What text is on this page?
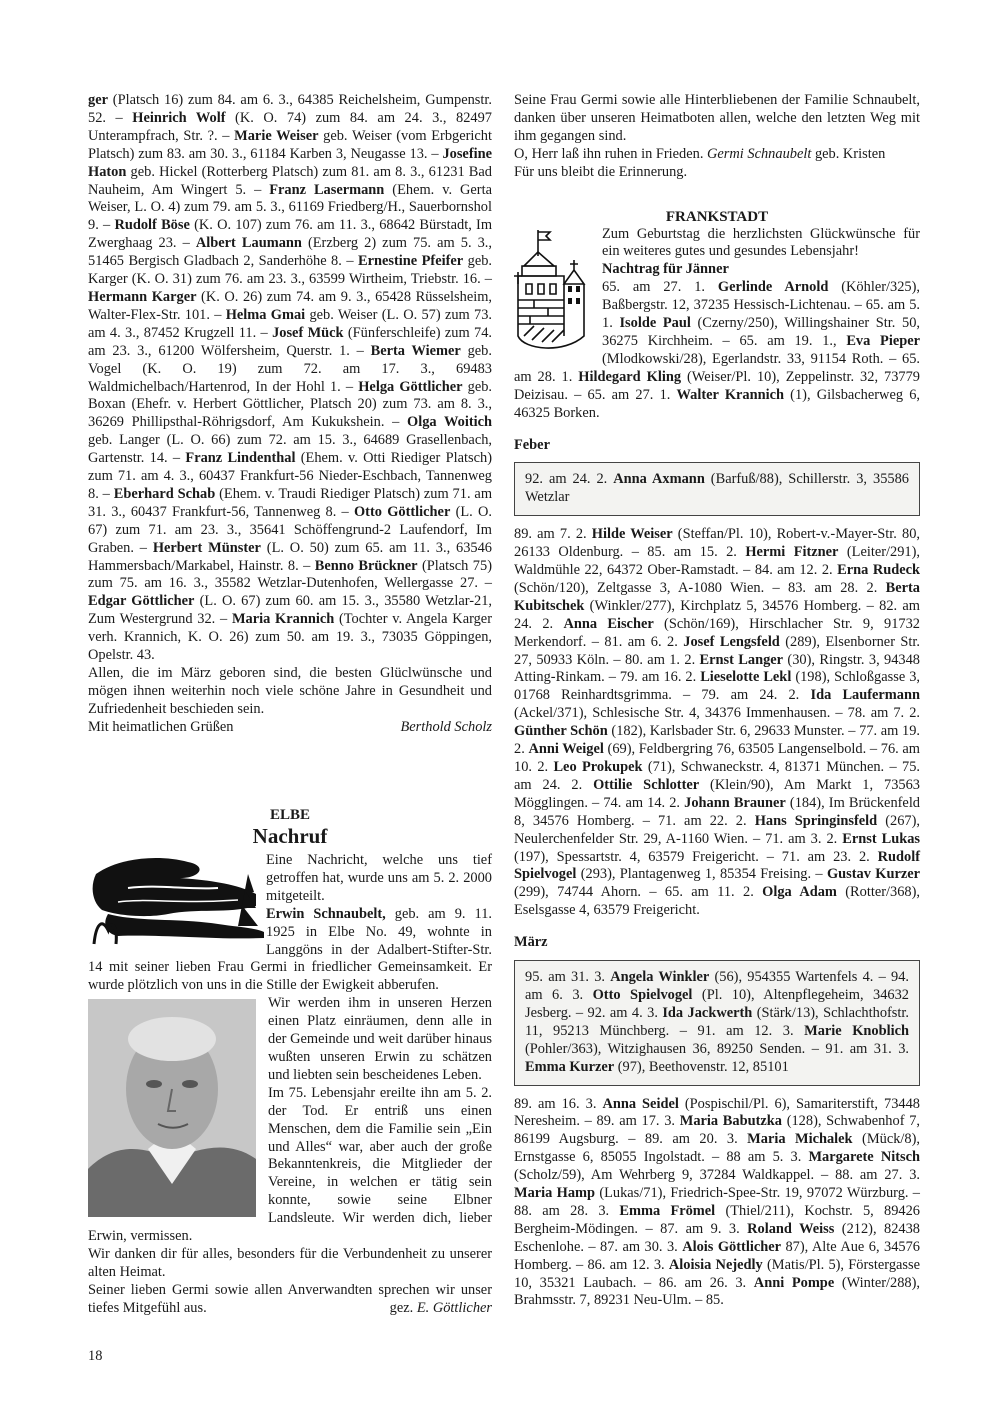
ger (Platsch 16) zum 84. am 6. 3., 64385 Reichelsheim, Gumpenstr. 52. – Heinrich Wolf (K. O. 74) zum 84. am 24. 3., 82497 Unterampfrach, Str. ?. – Marie Weiser geb. Weiser (vom Erbgericht Platsch) zum 83. am 30. 3., 61184 Karben 3, Neugasse 13. – Josefine Haton geb. Hickel (Rotterberg Platsch) zum 81. am 8. 3., 61231 Bad Nauheim, Am Wingert 5. – Franz Lasermann (Ehem. v. Gerta Weiser, L. O. 4) zum 79. am 5. 3., 61169 Friedberg/H., Sauerbornshol 9. – Rudolf Böse (K. O. 107) zum 76. am 11. 3., 68642 Bürstadt, Im Zwerghaag 23. – Albert Laumann (Erzberg 2) zum 75. am 5. 3., 51465 Bergisch Gladbach 2, Sanderhöhe 8. – Ernestine Pfeifer geb. Karger (K. O. 31) zum 76. am 23. 3., 63599 Wirtheim, Triebstr. 16. – Hermann Karger (K. O. 26) zum 74. am 9. 3., 65428 Rüsselsheim, Walter-Flex-Str. 101. – Helma Gmai geb. Weiser (L. O. 57) zum 73. am 4. 3., 87452 Krugzell 11. – Josef Mück (Fünferschleife) zum 74. am 23. 3., 61200 Wölfersheim, Querstr. 1. – Berta Wiemer geb. Vogel (K. O. 19) zum 72. am 17. 3., 69483 Waldmichelbach/Hartenrod, In der Hohl 1. – Helga Göttlicher geb. Boxan (Ehefr. v. Herbert Göttlicher, Platsch 20) zum 73. am 8. 3., 36269 Phillipsthal-Röhrigsdorf, Am Kukukshein. – Olga Woitich geb. Langer (L. O. 66) zum 72. am 15. 3., 64689 Grasellenbach, Gartenstr. 14. – Franz Lindenthal (Ehem. v. Otti Riediger Platsch) zum 71. am 4. 3., 60437 Frankfurt-56 Nieder-Eschbach, Tannenweg 8. – Eberhard Schab (Ehem. v. Traudi Riediger Platsch) zum 71. am 31. 3., 60437 Frankfurt-56, Tannenweg 8. – Otto Göttlicher (L. O. 67) zum 71. am 23. 3., 35641 Schöffengrund-2 Laufendorf, Im Graben. – Herbert Münster (L. O. 50) zum 65. am 11. 3., 63546 Hammersbach/Markabel, Hainstr. 8. – Benno Brückner (Platsch 75) zum 75. am 16. 3., 35582 Wetzlar-Dutenhofen, Wellergasse 27. – Edgar Göttlicher (L. O. 67) zum 60. am 15. 3., 35580 Wetzlar-21, Zum Westergrund 32. – Maria Krannich (Tochter v. Angela Karger verh. Krannich, K. O. 26) zum 50. am 19. 3., 73035 Göppingen, Opelstr. 43.

Allen, die im März geboren sind, die besten Glüclwünsche und mögen ihnen weiterhin noch viele schöne Jahre in Gesundheit und Zufriedenheit beschieden sein.

Mit heimatlichen Grüßen	Berthold Scholz
ELBE
Nachruf

Eine Nachricht, welche uns tief getroffen hat, wurde uns am 5. 2. 2000 mitgeteilt.

Erwin Schnaubelt, geb. am 9. 11. 1925 in Elbe No. 49, wohnte in Langgöns in der Adalbert-Stifter-Str. 14 mit seiner lieben Frau Germi in friedlicher Gemeinsamkeit. Er wurde plötzlich von uns in die Stille der Ewigkeit abberufen.

Wir werden ihm in unseren Herzen einen Platz einräumen, denn alle in der Gemeinde und weit darüber hinaus wußten unseren Erwin zu schätzen und liebten sein bescheidenes Leben.

Im 75. Lebensjahr ereilte ihn am 5. 2. der Tod. Er entriß uns einen Menschen, dem die Familie sein „Ein und Alles“ war, aber auch der große Bekanntenkreis, die Mitglieder der Vereine, in welchen er tätig sein konnte, sowie seine Elbner Landsleute. Wir werden dich, lieber Erwin, vermissen.

Wir danken dir für alles, besonders für die Verbundenheit zu unserer alten Heimat.

Seiner lieben Germi sowie allen Anverwandten sprechen wir unser tiefes Mitgefühl aus.	gez. E. Göttlicher

Seine Frau Germi sowie alle Hinterbliebenen der Familie Schnaubelt, danken über unseren Heimatboten allen, welche den letzten Weg mit ihm gegangen sind.

O, Herr laß ihn ruhen in Frieden. Germi Schnaubelt geb. Kristen

Für uns bleibt die Erinnerung.

FRANKSTADT

Zum Geburtstag die herzlichsten Glückwünsche für ein weiteres gutes und gesundes Lebensjahr!

Nachtrag für Jänner

65. am 27. 1. Gerlinde Arnold (Köhler/325), Baßbergstr. 12, 37235 Hessisch-Lichtenau. – 65. am 5. 1. Isolde Paul (Czerny/250), Willingshainer Str. 50, 36275 Kirchheim. – 65. am 19. 1., Eva Pieper (Mlodkowski/28), Egerlandstr. 33, 91154 Roth. – 65. am 28. 1. Hildegard Kling (Weiser/Pl. 10), Zeppelinstr. 32, 73779 Deizisau. – 65. am 27. 1. Walter Krannich (1), Gilsbacherweg 6, 46325 Borken.

Feber

92. am 24. 2. Anna Axmann (Barfuß/88), Schillerstr. 3, 35586 Wetzlar

89. am 7. 2. Hilde Weiser (Steffan/Pl. 10), Robert-v.-Mayer-Str. 80, 26133 Oldenburg. – 85. am 15. 2. Hermi Fitzner (Leiter/291), Waldmühle 22, 64372 Ober-Ramstadt. – 84. am 12. 2. Erna Rudeck (Schön/120), Zeltgasse 3, A-1080 Wien. – 83. am 28. 2. Berta Kubitschek (Winkler/277), Kirchplatz 5, 34576 Homberg. – 82. am 24. 2. Anna Eischer (Schön/169), Hirschlacher Str. 9, 91732 Merkendorf. – 81. am 6. 2. Josef Lengsfeld (289), Elsenborner Str. 27, 50933 Köln. – 80. am 1. 2. Ernst Langer (30), Ringstr. 3, 94348 Atting-Rinkam. – 79. am 16. 2. Lieselotte Lekl (198), Schloßgasse 3, 01768 Reinhardtsgrimma. – 79. am 24. 2. Ida Laufermann (Ackel/371), Schlesische Str. 4, 34376 Immenhausen. – 78. am 7. 2. Günther Schön (182), Karlsbader Str. 6, 29633 Munster. – 77. am 19. 2. Anni Weigel (69), Feldbergring 76, 63505 Langenselbold. – 76. am 10. 2. Leo Prokupek (71), Schwaneckstr. 4, 81371 München. – 75. am 24. 2. Ottilie Schlotter (Klein/90), Am Markt 1, 73563 Mögglingen. – 74. am 14. 2. Johann Brauner (184), Im Brückenfeld 8, 34576 Homberg. – 71. am 22. 2. Hans Springinsfeld (267), Neulerchenfelder Str. 29, A-1160 Wien. – 71. am 3. 2. Ernst Lukas (197), Spessartstr. 4, 63579 Freigericht. – 71. am 23. 2. Rudolf Spielvogel (293), Plantagenweg 1, 85354 Freising. – Gustav Kurzer (299), 74744 Ahorn. – 65. am 11. 2. Olga Adam (Rotter/368), Eselsgasse 4, 63579 Freigericht.

März

95. am 31. 3. Angela Winkler (56), 954355 Wartenfels 4. – 94. am 6. 3. Otto Spielvogel (Pl. 10), Altenpflegeheim, 34632 Jesberg. – 92. am 4. 3. Ida Jackwerth (Stärk/13), Schlachthofstr. 11, 95213 Münchberg. – 91. am 12. 3. Marie Knoblich (Pohler/363), Witzighausen 36, 89250 Senden. – 91. am 31. 3. Emma Kurzer (97), Beethovenstr. 12, 85101

89. am 16. 3. Anna Seidel (Pospischil/Pl. 6), Samariterstift, 73448 Neresheim. – 89. am 17. 3. Maria Babutzka (128), Schwabenhof 7, 86199 Augsburg. – 89. am 20. 3. Maria Michalek (Mück/8), Ernstgasse 6, 85055 Ingolstadt. – 88 am 5. 3. Margarete Nitsch (Scholz/59), Am Wehrberg 9, 37284 Waldkappel. – 88. am 27. 3. Maria Hamp (Lukas/71), Friedrich-Spee-Str. 19, 97072 Würzburg. – 88. am 28. 3. Emma Frömel (Thiel/211), Kochstr. 5, 89426 Bergheim-Mödingen. – 87. am 9. 3. Roland Weiss (212), 82438 Eschenlohe. – 87. am 30. 3. Alois Göttlicher 87), Alte Aue 6, 34576 Homberg. – 86. am 12. 3. Aloisia Nejedly (Matis/Pl. 5), Förstergasse 10, 35321 Laubach. – 86. am 26. 3. Anni Pompe (Winter/288), Brahmsstr. 7, 89231 Neu-Ulm. – 85.

18
